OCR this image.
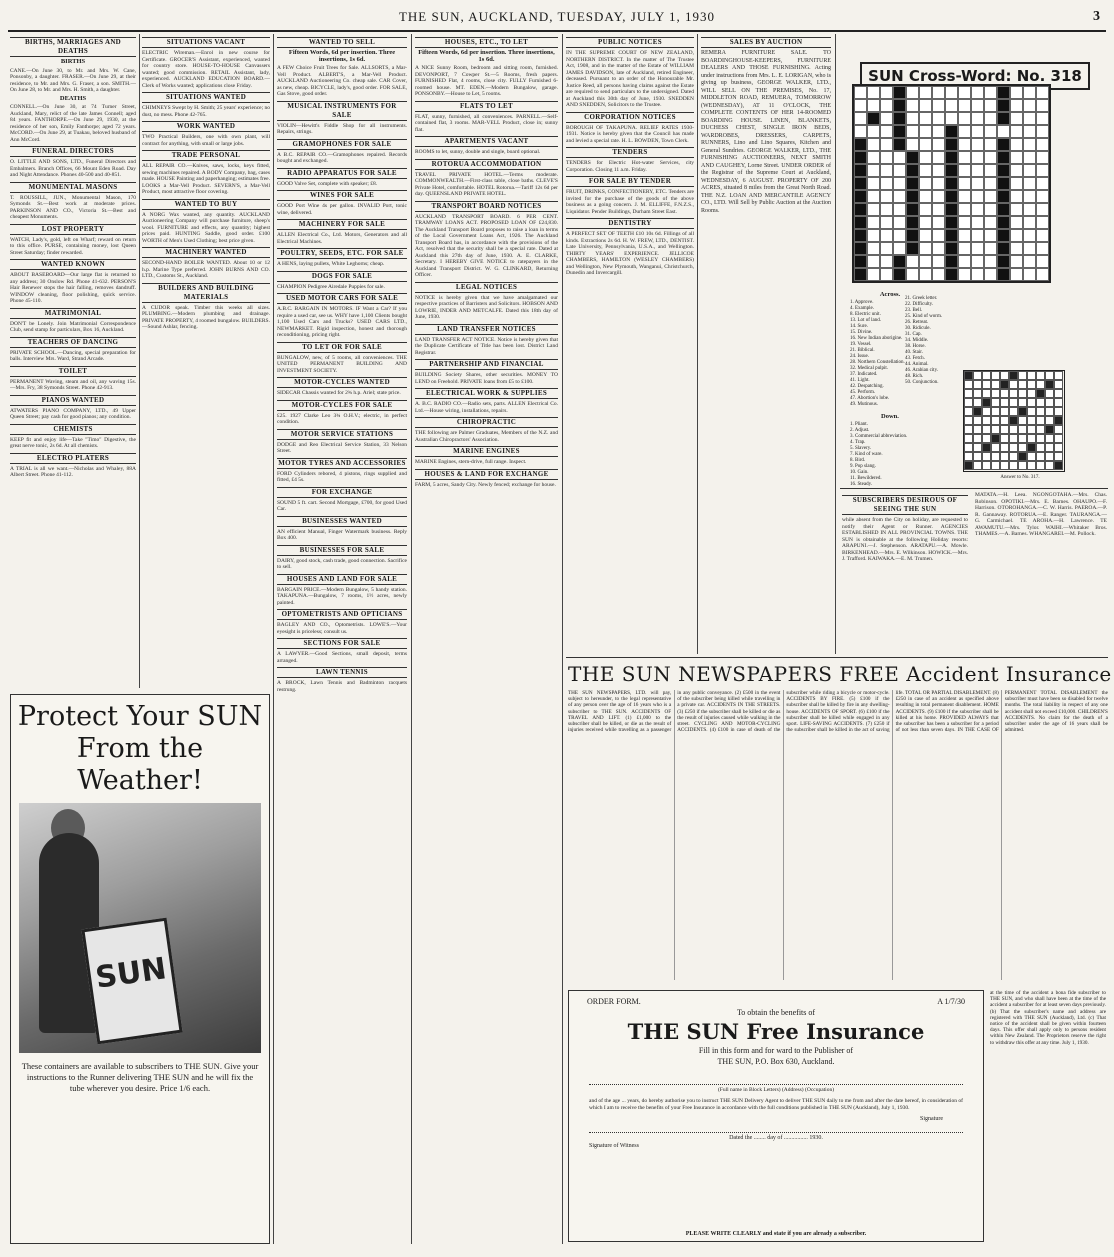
THE SUN, AUCKLAND, TUESDAY, JULY 1, 1930	3
BIRTHS, MARRIAGES AND DEATHS
BIRTHS
CANE.—On June 30, to Mr. and Mrs. W. Cane, Ponsonby, a daughter. FRASER.—On June 29, at their residence, to Mr. and Mrs. G. Fraser, a son. SMITH.—On June 28, to Mr. and Mrs. H. Smith, a daughter.
DEATHS
CONNELL.—On June 30, at 74 Turner Street, Auckland, Mary, relict of the late James Connell; aged 84 years. FANTHORPE.—On June 29, 1930, at the residence of her son, Emily Fanthorpe; aged 72 years. McCORD.—On June 29, at Tuakau, beloved husband of Ann McCord.
FUNERAL DIRECTORS
O. LITTLE AND SONS, LTD., Funeral Directors and Embalmers. Branch Offices, 66 Mount Eden Road. Day and Night Attendance. Phones 40-500 and 40-851.
MONUMENTAL MASONS
T. ROUSSILL, JUN., Monumental Mason, 170 Symonds St.—Best work at moderate prices. PARKINSON AND CO., Victoria St.—Best and cheapest Monuments.
LOST PROPERTY
WATCH, Lady's, gold, left on Wharf; reward on return to this office. PURSE, containing money, lost Queen Street Saturday; finder rewarded.
WANTED KNOWN
ABOUT BASEBOARD—Our large flat is returned to any address; 30 Onslow Rd. Phone 41-632. PERSON'S Hair Renewer stops the hair falling, removes dandruff. WINDOW cleaning, floor polishing, quick service. Phone 45-110.
MATRIMONIAL
DON'T be Lonely. Join Matrimonial Correspondence Club, send stamp for particulars, Box 16, Auckland.
TEACHERS OF DANCING
PRIVATE SCHOOL.—Dancing, special preparation for balls. Interview Mrs. Ward, Strand Arcade.
TOILET
PERMANENT Waving, steam and oil, any waving 15s.—Mrs. Fry, 38 Symonds Street. Phone 42-913.
PIANOS WANTED
ATWATERS PIANO COMPANY, LTD., 49 Upper Queen Street; pay cash for good pianos; any condition.
CHEMISTS
KEEP fit and enjoy life—Take "Timo" Digestive, the great nerve tonic, 2s 6d. At all chemists.
ELECTRO PLATERS
A TRIAL is all we want.—Nicholas and Whaley, 88A Albert Street. Phone 41-112.
SITUATIONS VACANT
ELECTRIC Wireman.—Enrol in new course for Certificate. GROCER'S Assistant, experienced, wanted for country store. HOUSE-TO-HOUSE Canvassers wanted; good commission. RETAIL Assistant, lady, experienced. AUCKLAND EDUCATION BOARD.—Clerk of Works wanted; applications close Friday.
SITUATIONS WANTED
CHIMNEYS Swept by H. Smith; 25 years' experience; no dust, no mess. Phone 42-765.
WORK WANTED
TWO Practical Builders, one with own plant, will contract for anything, with small or large jobs.
TRADE PERSONAL
ALL REPAIR CO.—Knives, saws, locks, keys fitted, sewing machines repaired. A BODY Company, bag, cases made. HOUSE Painting and paperhanging; estimates free. LOOKS a Mar-Vell Product. SEVERN'S, a Mar-Vell Product, most attractive floor covering.
WANTED TO BUY
A NORG Wax wanted, any quantity. AUCKLAND Auctioneering Company will purchase furniture, sheep's wool. FURNITURE and effects, any quantity; highest prices paid. HUNTING Saddle, good order. £100 WORTH of Men's Used Clothing; best price given.
MACHINERY WANTED
SECOND-HAND BOILER WANTED. About 10 or 12 h.p. Marine Type preferred. JOHN BURNS AND CO. LTD., Customs St., Auckland.
BUILDERS AND BUILDING MATERIALS
A CUDOR speak. Timber this weeks all sizes. PLUMBING.—Modern plumbing and drainage. PRIVATE PROPERTY, 4 roomed bungalow. BUILDERS.—Sound Ashlar, fencing.
Protect Your SUN
From the Weather!
SUN
These containers are available to subscribers to THE SUN. Give your instructions to the Runner delivering THE SUN and he will fix the tube wherever you desire. Price 1/6 each.
WANTED TO SELL
Fifteen Words, 6d per insertion. Three insertions, 1s 6d.
A FEW Choice Fruit Trees for Sale. ALLSORTS, a Mar-Vell Product. ALBERT'S, a Mar-Vell Product. AUCKLAND Auctioneering Co. cheap sale. CAR Cover, as new, cheap. BICYCLE, lady's, good order. FOR SALE, Gas Stove, good order.
MUSICAL INSTRUMENTS FOR SALE
VIOLIN—Hewitt's Fiddle Shop for all instruments. Repairs, strings.
GRAMOPHONES FOR SALE
A B.C. REPAIR CO.—Gramophones repaired. Records bought and exchanged.
RADIO APPARATUS FOR SALE
GOOD Valve Set, complete with speaker; £8.
WINES FOR SALE
GOOD Port Wine 4s per gallon. INVALID Port, tonic wine, delivered.
MACHINERY FOR SALE
ALLEN Electrical Co., Ltd. Motors, Generators and all Electrical Machines.
POULTRY, SEEDS, ETC. FOR SALE
A HENS, laying pullets, White Leghorns; cheap.
DOGS FOR SALE
CHAMPION Pedigree Airedale Puppies for sale.
USED MOTOR CARS FOR SALE
A.B.C. BARGAIN IN MOTORS. IF Want a Car? If you require a used car, see us. WHY have 1,100 Clients bought 1,100 Used Cars and Trucks? USED CARS LTD., NEWMARKET. Rigid inspection, honest and thorough reconditioning, pricing right.
TO LET OR FOR SALE
BUNGALOW, new, of 5 rooms, all conveniences. THE UNITED PERMANENT BUILDING AND INVESTMENT SOCIETY.
MOTOR-CYCLES WANTED
SIDECAR Chassis wanted for 2¾ h.p. Ariel; state price.
MOTOR-CYCLES FOR SALE
£25. 1927 Clarke Leo 3¾ O.H.V.; electric, in perfect condition.
MOTOR SERVICE STATIONS
DODGE and Reo Electrical Service Station, 33 Nelson Street.
MOTOR TYRES AND ACCESSORIES
FORD Cylinders rebored, 4 pistons, rings supplied and fitted, £4 5s.
FOR EXCHANGE
SOUND 5 ft. cart. Second Mortgage, £700, for good Used Car.
BUSINESSES WANTED
AN efficient Manual, Finger Watermark business. Reply Box 400.
BUSINESSES FOR SALE
DAIRY, good stock, cash trade, good connection. Sacrifice to sell.
HOUSES AND LAND FOR SALE
BARGAIN PRICE.—Modern Bungalow, 5 handy station. TAKAPUNA.—Bungalow, 7 rooms, 1½ acres, newly painted.
OPTOMETRISTS AND OPTICIANS
BAGLEY AND CO., Optometrists. LOWE'S.—Your eyesight is priceless; consult us.
SECTIONS FOR SALE
A LAWYER.—Good Sections, small deposit, terms arranged.
LAWN TENNIS
A BROCK, Lawn Tennis and Badminton racquets restrung.
HOUSES, ETC., TO LET
Fifteen Words, 6d per insertion. Three insertions, 1s 6d.
A NICE Sunny Room, bedroom and sitting room, furnished. DEVONPORT, 7 Cowper St.—5 Rooms, fresh papers. FURNISHED Flat, 4 rooms, close city. FULLY Furnished 6-roomed house. MT. EDEN.—Modern Bungalow, garage. PONSONBY.—House to Let, 5 rooms.
FLATS TO LET
FLAT, sunny, furnished, all conveniences. PARNELL.—Self-contained flat, 3 rooms. MAR-VELL Product, close in; sunny flat.
APARTMENTS VACANT
ROOMS to let, sunny, double and single, board optional.
ROTORUA ACCOMMODATION
TRAVEL PRIVATE HOTEL.—Terms moderate. COMMONWEALTH.—First-class table, close baths. CLEVE'S Private Hotel, comfortable. HOTEL Rotorua.—Tariff 12s 6d per day. QUEENSLAND PRIVATE HOTEL.
TRANSPORT BOARD NOTICES
AUCKLAND TRANSPORT BOARD. 6 PER CENT. TRAMWAY LOANS ACT. PROPOSED LOAN OF £24,830. The Auckland Transport Board proposes to raise a loan in terms of the Local Government Loans Act, 1926. The Auckland Transport Board has, in accordance with the provisions of the Act, resolved that the security shall be a special rate. Dated at Auckland this 27th day of June, 1930. A. E. CLARKE, Secretary. I HEREBY GIVE NOTICE to ratepayers in the Auckland Transport District. W. G. CLINKARD, Returning Officer.
LEGAL NOTICES
NOTICE is hereby given that we have amalgamated our respective practices of Barristers and Solicitors. HOBSON AND LOWRIE, INDER AND METCALFE. Dated this 18th day of June, 1930.
LAND TRANSFER NOTICES
LAND TRANSFER ACT NOTICE. Notice is hereby given that the Duplicate Certificate of Title has been lost. District Land Registrar.
PARTNERSHIP AND FINANCIAL
BUILDING Society Shares, other securities. MONEY TO LEND on Freehold. PRIVATE loans from £5 to £100.
ELECTRICAL WORK & SUPPLIES
A. B.C. RADIO CO.—Radio sets, parts. ALLEN Electrical Co. Ltd.—House wiring, installations, repairs.
CHIROPRACTIC
THE following are Palmer Graduates, Members of the N.Z. and Australian Chiropractors' Association.
MARINE ENGINES
MARINE Engines, stern-drive, full range. Inspect.
HOUSES & LAND FOR EXCHANGE
FARM, 5 acres, Sandy City. Newly fenced; exchange for house.
PUBLIC NOTICES
IN THE SUPREME COURT OF NEW ZEALAND, NORTHERN DISTRICT. In the matter of The Trustee Act, 1908, and in the matter of the Estate of WILLIAM JAMES DAVIDSON, late of Auckland, retired Engineer, deceased. Pursuant to an order of the Honourable Mr. Justice Reed, all persons having claims against the Estate are required to send particulars to the undersigned. Dated at Auckland this 30th day of June, 1930. SNEDDEN AND SNEDDEN, Solicitors to the Trustee.
CORPORATION NOTICES
BOROUGH OF TAKAPUNA. RELIEF RATES 1930-1931. Notice is hereby given that the Council has made and levied a special rate. H. L. BOWDEN, Town Clerk.
TENDERS
TENDERS for Electric Hot-water Services, city Corporation. Closing 11 a.m. Friday.
FOR SALE BY TENDER
FRUIT, DRINKS, CONFECTIONERY, ETC. Tenders are invited for the purchase of the goods of the above business as a going concern. J. M. ELLIFFE, F.N.Z.S., Liquidator. Pender Buildings, Durham Street East.
DENTISTRY
A PERFECT SET OF TEETH £10 10s 6d. Fillings of all kinds. Extractions 2s 6d. H. W. FREW, LTD., DENTIST. Late University, Pennsylvania, U.S.A., and Wellington. THIRTY YEARS' EXPERIENCE. JELLICOE CHAMBERS, HAMILTON (WESLEY CHAMBERS) and Wellington, New Plymouth, Wanganui, Christchurch, Dunedin and Invercargill.
SALES BY AUCTION
REMERA FURNITURE SALE. TO BOARDINGHOUSE-KEEPERS, FURNITURE DEALERS AND THOSE FURNISHING. Acting under instructions from Mrs. L. E. LORIGAN, who is giving up business, GEORGE WALKER, LTD., WILL SELL ON THE PREMISES, No. 17, MIDDLETON ROAD, REMUERA, TOMORROW (WEDNESDAY), AT 11 O'CLOCK, THE COMPLETE CONTENTS OF HER 14-ROOMED BOARDING HOUSE. LINEN, BLANKETS, DUCHESS CHEST, SINGLE IRON BEDS, WARDROBES, DRESSERS, CARPETS, RUNNERS, Lino and Lino Squares, Kitchen and General Sundries. GEORGE WALKER, LTD., THE FURNISHING AUCTIONEERS, NEXT SMITH AND CAUGHEY, Lorne Street. UNDER ORDER of the Registrar of the Supreme Court at Auckland, WEDNESDAY, 6 AUGUST. PROPERTY OF 200 ACRES, situated 8 miles from the Great North Road. THE N.Z. LOAN AND MERCANTILE AGENCY CO., LTD. Will Sell by Public Auction at the Auction Rooms.
SUN Cross-Word: No. 318
Across.
1. Approve.
4. Example.
8. Electric unit.
13. Lot of land.
14. Sure.
15. Divine.
16. New Indian aborigine.
19. Vessel.
21. Biblical.
24. Issue.
28. Northern Constellation.
32. Medical pulpit.
37. Indicated.
41. Light.
42. Despatching.
45. Perform.
47. Abortion's lobe.
49. Mutinous.
Down.
1. Pliant.
2. Adjust.
3. Commercial abbreviation.
4. Trap.
5. Slavery.
7. Kind of ware.
8. Bird.
9. Pop slang.
10. Gain.
11. Bewildered.
16. Steady.
21. Greek letter.
22. Difficulty.
23. Bell.
25. Kind of worm.
26. Retreat.
30. Ridicule.
31. Cap.
34. Middle.
38. Horse.
40. Stair.
43. Fetch.
44. Animal.
46. Arabian city.
48. Rich.
50. Conjunction.
Answer to No. 317.
SUBSCRIBERS DESIROUS OF SEEING THE SUN
while absent from the City on holiday, are requested to notify their Agent or Runner. AGENCIES ESTABLISHED IN ALL PROVINCIAL TOWNS. THE SUN is obtainable at the following Holiday resorts: ARAPUNI.—J. Stephenson. ARATAPU.—A. Mowle. BIRKENHEAD.—Mrs. E. Wilkinson. HOWICK.—Mrs. J. Trafford. KAIWAKA.—E. M. Trumen.
MATATA.—H. Leea. NGONGOTAHA.—Mrs. Chas. Robinson. OPOTIKI.—Mrs. E. Barnes. OHAUPO.—F. Harrison. OTOROHANGA.—C. W. Harris. PAEROA.—P. R. Gannaway. ROTORUA.—E. Ranger. TAURANGA.—G. Carmichael. TE AROHA.—H. Lawrence. TE AWAMUTU.—Mrs. Tylor. WAIHI.—Whitaker Bros. THAMES.—A. Barnes. WHANGAREI.—M. Pollock.
THE SUN NEWSPAPERS FREE Accident Insurance
THE SUN NEWSPAPERS, LTD. will pay, subject to hereunder, to the legal representative of any person over the age of 16 years who is a subscriber to THE SUN. ACCIDENTS OF TRAVEL AND LIFT. (1) £1,000 to the subscriber shall be killed, or die as the result of injuries received while travelling as a passenger in any public conveyance. (2) £500 in the event of the subscriber being killed while travelling in a private car. ACCIDENTS IN THE STREETS. (3) £250 if the subscriber shall be killed or die as the result of injuries caused while walking in the street. CYCLING AND MOTOR-CYCLING ACCIDENTS. (4) £100 in case of death of the subscriber while riding a bicycle or motor-cycle. ACCIDENTS BY FIRE. (5) £100 if the subscriber shall be killed by fire in any dwelling-house. ACCIDENTS OF SPORT. (6) £100 if the subscriber shall be killed while engaged in any sport. LIFE-SAVING ACCIDENTS. (7) £250 if the subscriber shall be killed in the act of saving life. TOTAL OR PARTIAL DISABLEMENT. (8) £250 in case of an accident as specified above resulting in total permanent disablement. HOME ACCIDENTS. (9) £100 if the subscriber shall be killed at his home. PROVIDED ALWAYS that the subscriber has been a subscriber for a period of not less than seven days. IN THE CASE OF PERMANENT TOTAL DISABLEMENT the subscriber must have been so disabled for twelve months. The total liability in respect of any one accident shall not exceed £10,000. CHILDREN'S ACCIDENTS. No claim for the death of a subscriber under the age of 16 years shall be admitted.
ORDER FORM.	A 1/7/30
To obtain the benefits of
THE SUN Free Insurance
Fill in this form and for ward to the Publisher of
THE SUN, P.O. Box 630, Auckland.
(Full name in Block Letters) (Address) (Occupation)
and of the age ... years, do hereby authorise you to instruct THE SUN Delivery Agent to deliver THE SUN daily to me from and after the date hereof, in consideration of which I am to receive the benefits of your Free Insurance in accordance with the full conditions published in THE SUN (Auckland), July 1, 1930.
Signature
Dated the ........ day of ................ 1930.
Signature of Witness
PLEASE WRITE CLEARLY and state if you are already a subscriber.
at the time of the accident a bona fide subscriber to THE SUN, and who shall have been at the time of the accident a subscriber for at least seven days previously. (b) That the subscriber's name and address are registered with THE SUN (Auckland), Ltd. (c) That notice of the accident shall be given within fourteen days. This offer shall apply only to persons resident within New Zealand. The Proprietors reserve the right to withdraw this offer at any time. July 1, 1930.
